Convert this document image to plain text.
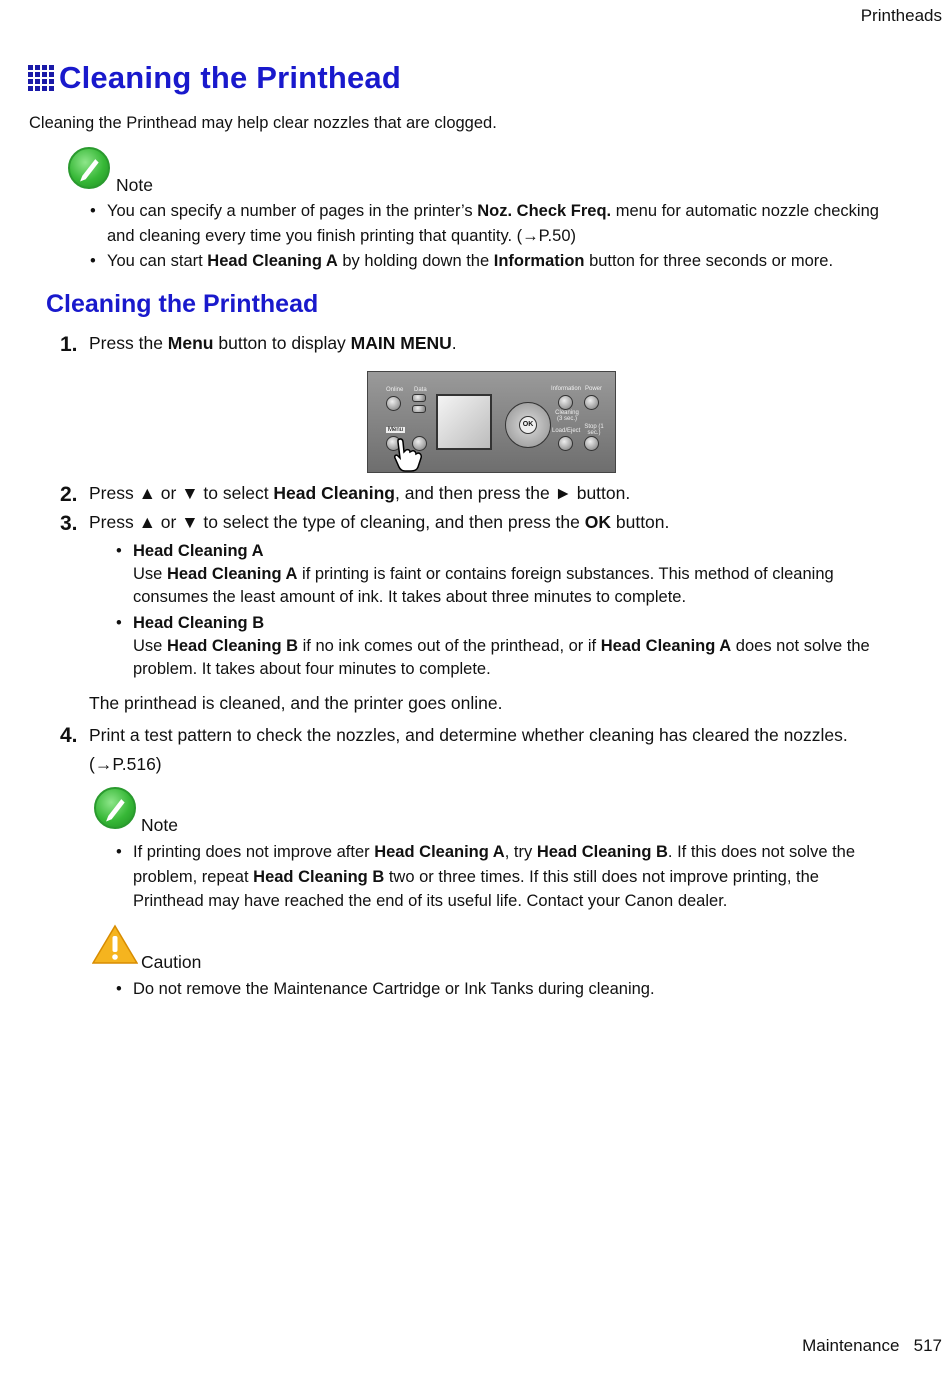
Printheads
Cleaning the Printhead
Cleaning the Printhead may help clear nozzles that are clogged.
Note
• You can specify a number of pages in the printer’s Noz. Check Freq. menu for automatic nozzle checking and cleaning every time you finish printing that quantity. (→P.50)
• You can start Head Cleaning A by holding down the Information button for three seconds or more.
Cleaning the Printhead
1. Press the Menu button to display MAIN MENU.
Online Data
Menu
OK
Information Power
Cleaning (3 sec.)
Load/Eject
Stop (1 sec.)
2. Press ▲ or ▼ to select Head Cleaning, and then press the ► button.
3. Press ▲ or ▼ to select the type of cleaning, and then press the OK button.
• Head Cleaning A
Use Head Cleaning A if printing is faint or contains foreign substances. This method of cleaning consumes the least amount of ink. It takes about three minutes to complete.
• Head Cleaning B
Use Head Cleaning B if no ink comes out of the printhead, or if Head Cleaning A does not solve the problem. It takes about four minutes to complete.
The printhead is cleaned, and the printer goes online.
4. Print a test pattern to check the nozzles, and determine whether cleaning has cleared the nozzles. (→P.516)
Note
• If printing does not improve after Head Cleaning A, try Head Cleaning B. If this does not solve the problem, repeat Head Cleaning B two or three times. If this still does not improve printing, the Printhead may have reached the end of its useful life. Contact your Canon dealer.
Caution
• Do not remove the Maintenance Cartridge or Ink Tanks during cleaning.
Maintenance 517
